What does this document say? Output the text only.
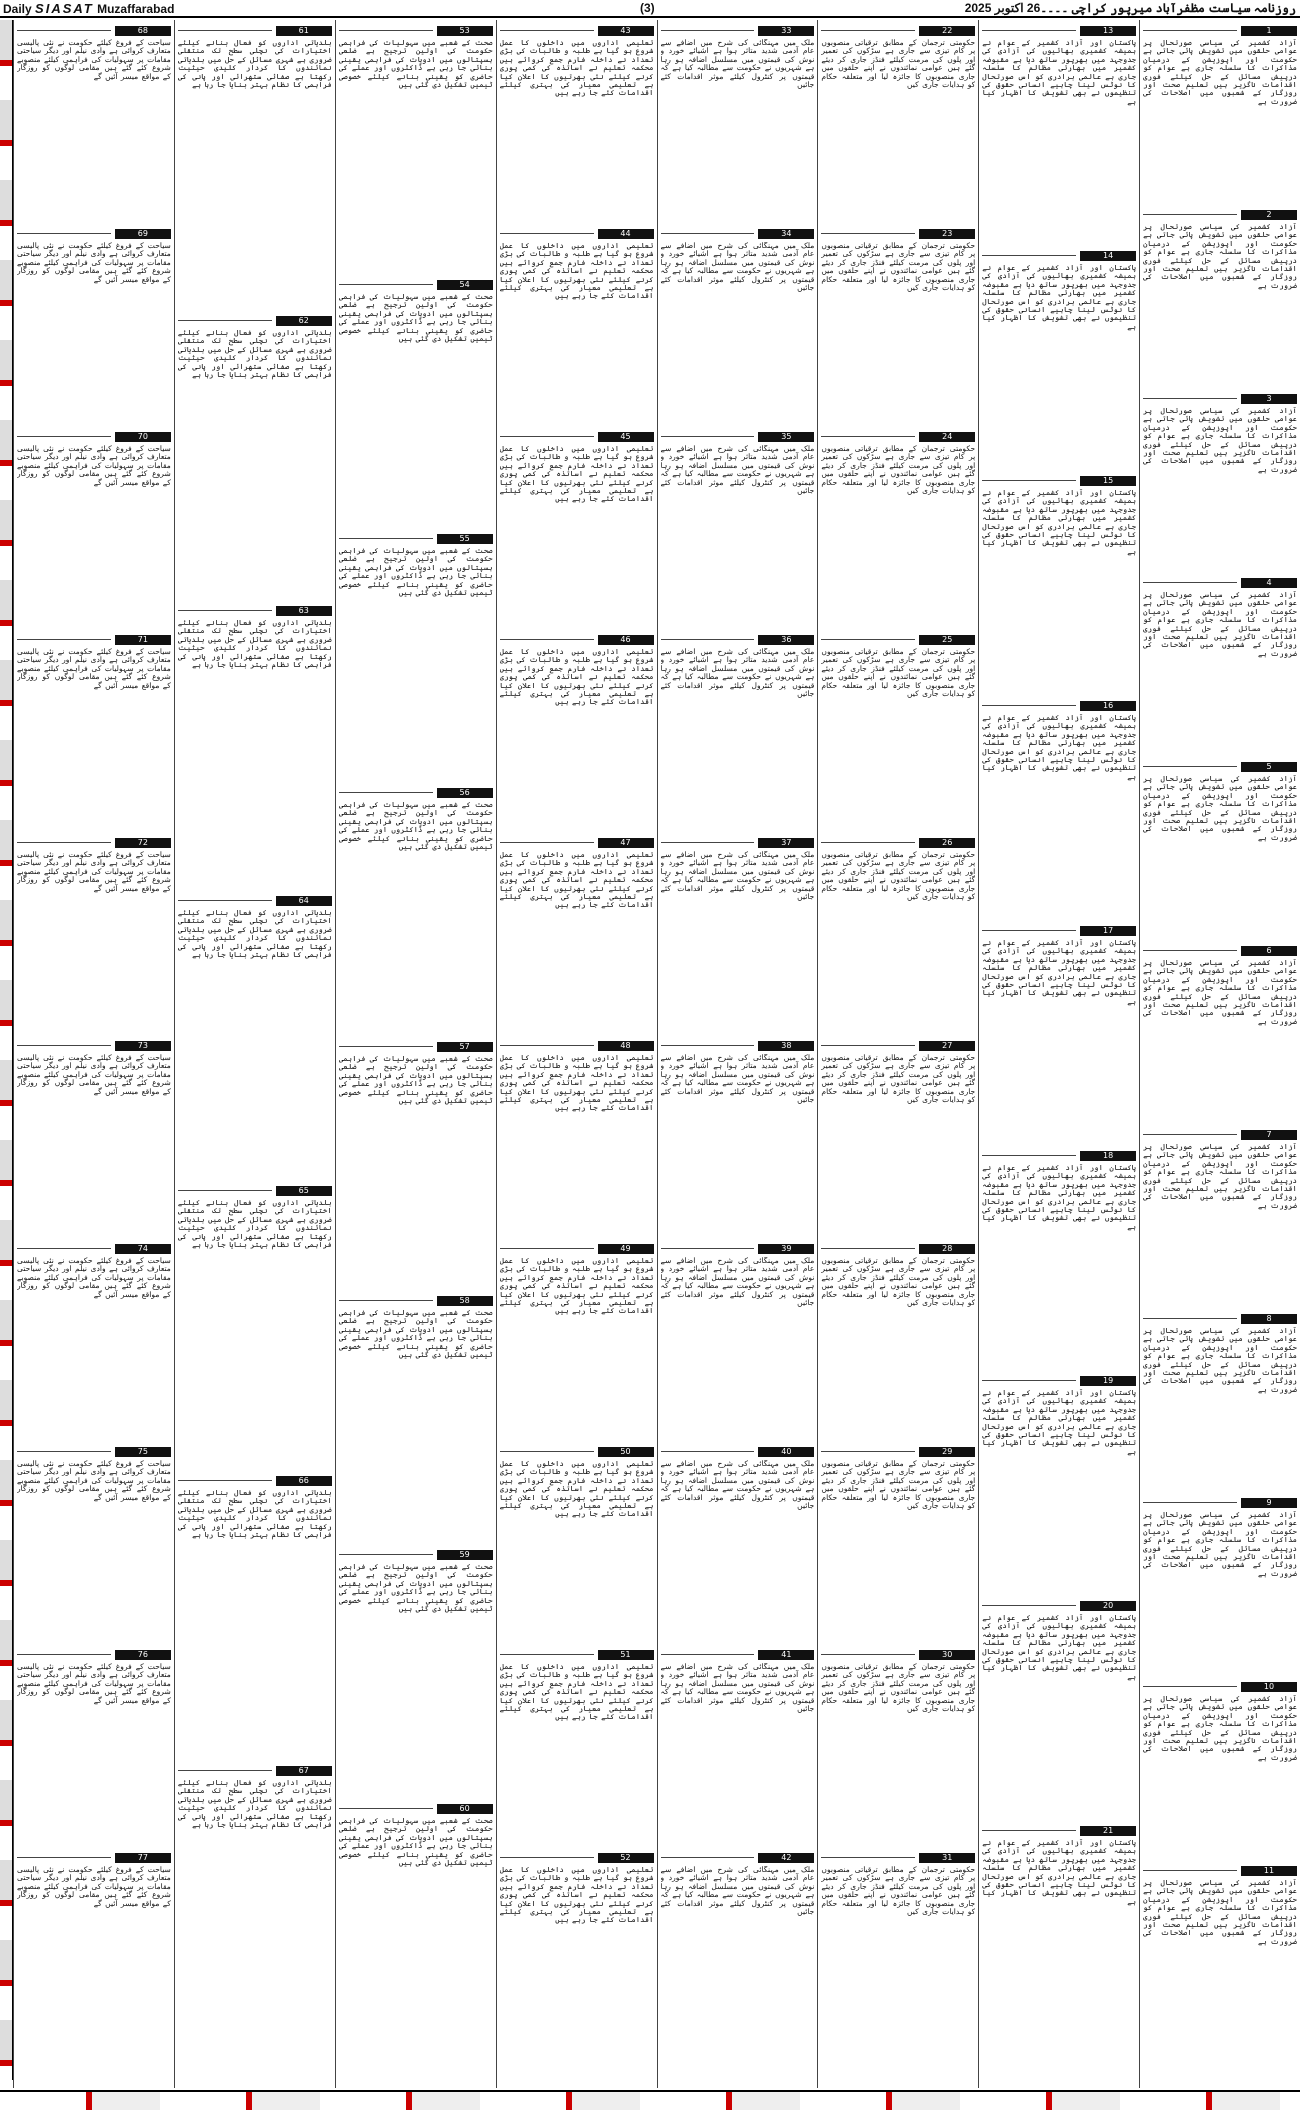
Daily SIASAT Muzaffarabad	(3)	روزنامہ سیاست مظفرآباد میرپور کراچی ۔۔۔۔26 اکتوبر 2025
1
آزاد کشمیر کی سیاسی صورتحال پر عوامی حلقوں میں تشویش پائی جاتی ہے حکومت اور اپوزیشن کے درمیان مذاکرات کا سلسلہ جاری ہے عوام کو درپیش مسائل کے حل کیلئے فوری اقدامات ناگزیر ہیں تعلیم صحت اور روزگار کے شعبوں میں اصلاحات کی ضرورت ہے
2
آزاد کشمیر کی سیاسی صورتحال پر عوامی حلقوں میں تشویش پائی جاتی ہے حکومت اور اپوزیشن کے درمیان مذاکرات کا سلسلہ جاری ہے عوام کو درپیش مسائل کے حل کیلئے فوری اقدامات ناگزیر ہیں تعلیم صحت اور روزگار کے شعبوں میں اصلاحات کی ضرورت ہے
3
آزاد کشمیر کی سیاسی صورتحال پر عوامی حلقوں میں تشویش پائی جاتی ہے حکومت اور اپوزیشن کے درمیان مذاکرات کا سلسلہ جاری ہے عوام کو درپیش مسائل کے حل کیلئے فوری اقدامات ناگزیر ہیں تعلیم صحت اور روزگار کے شعبوں میں اصلاحات کی ضرورت ہے
4
آزاد کشمیر کی سیاسی صورتحال پر عوامی حلقوں میں تشویش پائی جاتی ہے حکومت اور اپوزیشن کے درمیان مذاکرات کا سلسلہ جاری ہے عوام کو درپیش مسائل کے حل کیلئے فوری اقدامات ناگزیر ہیں تعلیم صحت اور روزگار کے شعبوں میں اصلاحات کی ضرورت ہے
5
آزاد کشمیر کی سیاسی صورتحال پر عوامی حلقوں میں تشویش پائی جاتی ہے حکومت اور اپوزیشن کے درمیان مذاکرات کا سلسلہ جاری ہے عوام کو درپیش مسائل کے حل کیلئے فوری اقدامات ناگزیر ہیں تعلیم صحت اور روزگار کے شعبوں میں اصلاحات کی ضرورت ہے
6
آزاد کشمیر کی سیاسی صورتحال پر عوامی حلقوں میں تشویش پائی جاتی ہے حکومت اور اپوزیشن کے درمیان مذاکرات کا سلسلہ جاری ہے عوام کو درپیش مسائل کے حل کیلئے فوری اقدامات ناگزیر ہیں تعلیم صحت اور روزگار کے شعبوں میں اصلاحات کی ضرورت ہے
7
آزاد کشمیر کی سیاسی صورتحال پر عوامی حلقوں میں تشویش پائی جاتی ہے حکومت اور اپوزیشن کے درمیان مذاکرات کا سلسلہ جاری ہے عوام کو درپیش مسائل کے حل کیلئے فوری اقدامات ناگزیر ہیں تعلیم صحت اور روزگار کے شعبوں میں اصلاحات کی ضرورت ہے
8
آزاد کشمیر کی سیاسی صورتحال پر عوامی حلقوں میں تشویش پائی جاتی ہے حکومت اور اپوزیشن کے درمیان مذاکرات کا سلسلہ جاری ہے عوام کو درپیش مسائل کے حل کیلئے فوری اقدامات ناگزیر ہیں تعلیم صحت اور روزگار کے شعبوں میں اصلاحات کی ضرورت ہے
9
آزاد کشمیر کی سیاسی صورتحال پر عوامی حلقوں میں تشویش پائی جاتی ہے حکومت اور اپوزیشن کے درمیان مذاکرات کا سلسلہ جاری ہے عوام کو درپیش مسائل کے حل کیلئے فوری اقدامات ناگزیر ہیں تعلیم صحت اور روزگار کے شعبوں میں اصلاحات کی ضرورت ہے
10
آزاد کشمیر کی سیاسی صورتحال پر عوامی حلقوں میں تشویش پائی جاتی ہے حکومت اور اپوزیشن کے درمیان مذاکرات کا سلسلہ جاری ہے عوام کو درپیش مسائل کے حل کیلئے فوری اقدامات ناگزیر ہیں تعلیم صحت اور روزگار کے شعبوں میں اصلاحات کی ضرورت ہے
11
آزاد کشمیر کی سیاسی صورتحال پر عوامی حلقوں میں تشویش پائی جاتی ہے حکومت اور اپوزیشن کے درمیان مذاکرات کا سلسلہ جاری ہے عوام کو درپیش مسائل کے حل کیلئے فوری اقدامات ناگزیر ہیں تعلیم صحت اور روزگار کے شعبوں میں اصلاحات کی ضرورت ہے
13
پاکستان اور آزاد کشمیر کے عوام نے ہمیشہ کشمیری بھائیوں کی آزادی کی جدوجہد میں بھرپور ساتھ دیا ہے مقبوضہ کشمیر میں بھارتی مظالم کا سلسلہ جاری ہے عالمی برادری کو اس صورتحال کا نوٹس لینا چاہیے انسانی حقوق کی تنظیموں نے بھی تشویش کا اظہار کیا ہے
14
پاکستان اور آزاد کشمیر کے عوام نے ہمیشہ کشمیری بھائیوں کی آزادی کی جدوجہد میں بھرپور ساتھ دیا ہے مقبوضہ کشمیر میں بھارتی مظالم کا سلسلہ جاری ہے عالمی برادری کو اس صورتحال کا نوٹس لینا چاہیے انسانی حقوق کی تنظیموں نے بھی تشویش کا اظہار کیا ہے
15
پاکستان اور آزاد کشمیر کے عوام نے ہمیشہ کشمیری بھائیوں کی آزادی کی جدوجہد میں بھرپور ساتھ دیا ہے مقبوضہ کشمیر میں بھارتی مظالم کا سلسلہ جاری ہے عالمی برادری کو اس صورتحال کا نوٹس لینا چاہیے انسانی حقوق کی تنظیموں نے بھی تشویش کا اظہار کیا ہے
16
پاکستان اور آزاد کشمیر کے عوام نے ہمیشہ کشمیری بھائیوں کی آزادی کی جدوجہد میں بھرپور ساتھ دیا ہے مقبوضہ کشمیر میں بھارتی مظالم کا سلسلہ جاری ہے عالمی برادری کو اس صورتحال کا نوٹس لینا چاہیے انسانی حقوق کی تنظیموں نے بھی تشویش کا اظہار کیا ہے
17
پاکستان اور آزاد کشمیر کے عوام نے ہمیشہ کشمیری بھائیوں کی آزادی کی جدوجہد میں بھرپور ساتھ دیا ہے مقبوضہ کشمیر میں بھارتی مظالم کا سلسلہ جاری ہے عالمی برادری کو اس صورتحال کا نوٹس لینا چاہیے انسانی حقوق کی تنظیموں نے بھی تشویش کا اظہار کیا ہے
18
پاکستان اور آزاد کشمیر کے عوام نے ہمیشہ کشمیری بھائیوں کی آزادی کی جدوجہد میں بھرپور ساتھ دیا ہے مقبوضہ کشمیر میں بھارتی مظالم کا سلسلہ جاری ہے عالمی برادری کو اس صورتحال کا نوٹس لینا چاہیے انسانی حقوق کی تنظیموں نے بھی تشویش کا اظہار کیا ہے
19
پاکستان اور آزاد کشمیر کے عوام نے ہمیشہ کشمیری بھائیوں کی آزادی کی جدوجہد میں بھرپور ساتھ دیا ہے مقبوضہ کشمیر میں بھارتی مظالم کا سلسلہ جاری ہے عالمی برادری کو اس صورتحال کا نوٹس لینا چاہیے انسانی حقوق کی تنظیموں نے بھی تشویش کا اظہار کیا ہے
20
پاکستان اور آزاد کشمیر کے عوام نے ہمیشہ کشمیری بھائیوں کی آزادی کی جدوجہد میں بھرپور ساتھ دیا ہے مقبوضہ کشمیر میں بھارتی مظالم کا سلسلہ جاری ہے عالمی برادری کو اس صورتحال کا نوٹس لینا چاہیے انسانی حقوق کی تنظیموں نے بھی تشویش کا اظہار کیا ہے
21
پاکستان اور آزاد کشمیر کے عوام نے ہمیشہ کشمیری بھائیوں کی آزادی کی جدوجہد میں بھرپور ساتھ دیا ہے مقبوضہ کشمیر میں بھارتی مظالم کا سلسلہ جاری ہے عالمی برادری کو اس صورتحال کا نوٹس لینا چاہیے انسانی حقوق کی تنظیموں نے بھی تشویش کا اظہار کیا ہے
22
حکومتی ترجمان کے مطابق ترقیاتی منصوبوں پر کام تیزی سے جاری ہے سڑکوں کی تعمیر اور پلوں کی مرمت کیلئے فنڈز جاری کر دیئے گئے ہیں عوامی نمائندوں نے اپنے حلقوں میں جاری منصوبوں کا جائزہ لیا اور متعلقہ حکام کو ہدایات جاری کیں
23
حکومتی ترجمان کے مطابق ترقیاتی منصوبوں پر کام تیزی سے جاری ہے سڑکوں کی تعمیر اور پلوں کی مرمت کیلئے فنڈز جاری کر دیئے گئے ہیں عوامی نمائندوں نے اپنے حلقوں میں جاری منصوبوں کا جائزہ لیا اور متعلقہ حکام کو ہدایات جاری کیں
24
حکومتی ترجمان کے مطابق ترقیاتی منصوبوں پر کام تیزی سے جاری ہے سڑکوں کی تعمیر اور پلوں کی مرمت کیلئے فنڈز جاری کر دیئے گئے ہیں عوامی نمائندوں نے اپنے حلقوں میں جاری منصوبوں کا جائزہ لیا اور متعلقہ حکام کو ہدایات جاری کیں
25
حکومتی ترجمان کے مطابق ترقیاتی منصوبوں پر کام تیزی سے جاری ہے سڑکوں کی تعمیر اور پلوں کی مرمت کیلئے فنڈز جاری کر دیئے گئے ہیں عوامی نمائندوں نے اپنے حلقوں میں جاری منصوبوں کا جائزہ لیا اور متعلقہ حکام کو ہدایات جاری کیں
26
حکومتی ترجمان کے مطابق ترقیاتی منصوبوں پر کام تیزی سے جاری ہے سڑکوں کی تعمیر اور پلوں کی مرمت کیلئے فنڈز جاری کر دیئے گئے ہیں عوامی نمائندوں نے اپنے حلقوں میں جاری منصوبوں کا جائزہ لیا اور متعلقہ حکام کو ہدایات جاری کیں
27
حکومتی ترجمان کے مطابق ترقیاتی منصوبوں پر کام تیزی سے جاری ہے سڑکوں کی تعمیر اور پلوں کی مرمت کیلئے فنڈز جاری کر دیئے گئے ہیں عوامی نمائندوں نے اپنے حلقوں میں جاری منصوبوں کا جائزہ لیا اور متعلقہ حکام کو ہدایات جاری کیں
28
حکومتی ترجمان کے مطابق ترقیاتی منصوبوں پر کام تیزی سے جاری ہے سڑکوں کی تعمیر اور پلوں کی مرمت کیلئے فنڈز جاری کر دیئے گئے ہیں عوامی نمائندوں نے اپنے حلقوں میں جاری منصوبوں کا جائزہ لیا اور متعلقہ حکام کو ہدایات جاری کیں
29
حکومتی ترجمان کے مطابق ترقیاتی منصوبوں پر کام تیزی سے جاری ہے سڑکوں کی تعمیر اور پلوں کی مرمت کیلئے فنڈز جاری کر دیئے گئے ہیں عوامی نمائندوں نے اپنے حلقوں میں جاری منصوبوں کا جائزہ لیا اور متعلقہ حکام کو ہدایات جاری کیں
30
حکومتی ترجمان کے مطابق ترقیاتی منصوبوں پر کام تیزی سے جاری ہے سڑکوں کی تعمیر اور پلوں کی مرمت کیلئے فنڈز جاری کر دیئے گئے ہیں عوامی نمائندوں نے اپنے حلقوں میں جاری منصوبوں کا جائزہ لیا اور متعلقہ حکام کو ہدایات جاری کیں
31
حکومتی ترجمان کے مطابق ترقیاتی منصوبوں پر کام تیزی سے جاری ہے سڑکوں کی تعمیر اور پلوں کی مرمت کیلئے فنڈز جاری کر دیئے گئے ہیں عوامی نمائندوں نے اپنے حلقوں میں جاری منصوبوں کا جائزہ لیا اور متعلقہ حکام کو ہدایات جاری کیں
33
ملک میں مہنگائی کی شرح میں اضافے سے عام آدمی شدید متاثر ہوا ہے اشیائے خورد و نوش کی قیمتوں میں مسلسل اضافہ ہو رہا ہے شہریوں نے حکومت سے مطالبہ کیا ہے کہ قیمتوں پر کنٹرول کیلئے موثر اقدامات کئے جائیں
34
ملک میں مہنگائی کی شرح میں اضافے سے عام آدمی شدید متاثر ہوا ہے اشیائے خورد و نوش کی قیمتوں میں مسلسل اضافہ ہو رہا ہے شہریوں نے حکومت سے مطالبہ کیا ہے کہ قیمتوں پر کنٹرول کیلئے موثر اقدامات کئے جائیں
35
ملک میں مہنگائی کی شرح میں اضافے سے عام آدمی شدید متاثر ہوا ہے اشیائے خورد و نوش کی قیمتوں میں مسلسل اضافہ ہو رہا ہے شہریوں نے حکومت سے مطالبہ کیا ہے کہ قیمتوں پر کنٹرول کیلئے موثر اقدامات کئے جائیں
36
ملک میں مہنگائی کی شرح میں اضافے سے عام آدمی شدید متاثر ہوا ہے اشیائے خورد و نوش کی قیمتوں میں مسلسل اضافہ ہو رہا ہے شہریوں نے حکومت سے مطالبہ کیا ہے کہ قیمتوں پر کنٹرول کیلئے موثر اقدامات کئے جائیں
37
ملک میں مہنگائی کی شرح میں اضافے سے عام آدمی شدید متاثر ہوا ہے اشیائے خورد و نوش کی قیمتوں میں مسلسل اضافہ ہو رہا ہے شہریوں نے حکومت سے مطالبہ کیا ہے کہ قیمتوں پر کنٹرول کیلئے موثر اقدامات کئے جائیں
38
ملک میں مہنگائی کی شرح میں اضافے سے عام آدمی شدید متاثر ہوا ہے اشیائے خورد و نوش کی قیمتوں میں مسلسل اضافہ ہو رہا ہے شہریوں نے حکومت سے مطالبہ کیا ہے کہ قیمتوں پر کنٹرول کیلئے موثر اقدامات کئے جائیں
39
ملک میں مہنگائی کی شرح میں اضافے سے عام آدمی شدید متاثر ہوا ہے اشیائے خورد و نوش کی قیمتوں میں مسلسل اضافہ ہو رہا ہے شہریوں نے حکومت سے مطالبہ کیا ہے کہ قیمتوں پر کنٹرول کیلئے موثر اقدامات کئے جائیں
40
ملک میں مہنگائی کی شرح میں اضافے سے عام آدمی شدید متاثر ہوا ہے اشیائے خورد و نوش کی قیمتوں میں مسلسل اضافہ ہو رہا ہے شہریوں نے حکومت سے مطالبہ کیا ہے کہ قیمتوں پر کنٹرول کیلئے موثر اقدامات کئے جائیں
41
ملک میں مہنگائی کی شرح میں اضافے سے عام آدمی شدید متاثر ہوا ہے اشیائے خورد و نوش کی قیمتوں میں مسلسل اضافہ ہو رہا ہے شہریوں نے حکومت سے مطالبہ کیا ہے کہ قیمتوں پر کنٹرول کیلئے موثر اقدامات کئے جائیں
42
ملک میں مہنگائی کی شرح میں اضافے سے عام آدمی شدید متاثر ہوا ہے اشیائے خورد و نوش کی قیمتوں میں مسلسل اضافہ ہو رہا ہے شہریوں نے حکومت سے مطالبہ کیا ہے کہ قیمتوں پر کنٹرول کیلئے موثر اقدامات کئے جائیں
43
تعلیمی اداروں میں داخلوں کا عمل شروع ہو گیا ہے طلبہ و طالبات کی بڑی تعداد نے داخلہ فارم جمع کروائے ہیں محکمہ تعلیم نے اساتذہ کی کمی پوری کرنے کیلئے نئی بھرتیوں کا اعلان کیا ہے تعلیمی معیار کی بہتری کیلئے اقدامات کئے جا رہے ہیں
44
تعلیمی اداروں میں داخلوں کا عمل شروع ہو گیا ہے طلبہ و طالبات کی بڑی تعداد نے داخلہ فارم جمع کروائے ہیں محکمہ تعلیم نے اساتذہ کی کمی پوری کرنے کیلئے نئی بھرتیوں کا اعلان کیا ہے تعلیمی معیار کی بہتری کیلئے اقدامات کئے جا رہے ہیں
45
تعلیمی اداروں میں داخلوں کا عمل شروع ہو گیا ہے طلبہ و طالبات کی بڑی تعداد نے داخلہ فارم جمع کروائے ہیں محکمہ تعلیم نے اساتذہ کی کمی پوری کرنے کیلئے نئی بھرتیوں کا اعلان کیا ہے تعلیمی معیار کی بہتری کیلئے اقدامات کئے جا رہے ہیں
46
تعلیمی اداروں میں داخلوں کا عمل شروع ہو گیا ہے طلبہ و طالبات کی بڑی تعداد نے داخلہ فارم جمع کروائے ہیں محکمہ تعلیم نے اساتذہ کی کمی پوری کرنے کیلئے نئی بھرتیوں کا اعلان کیا ہے تعلیمی معیار کی بہتری کیلئے اقدامات کئے جا رہے ہیں
47
تعلیمی اداروں میں داخلوں کا عمل شروع ہو گیا ہے طلبہ و طالبات کی بڑی تعداد نے داخلہ فارم جمع کروائے ہیں محکمہ تعلیم نے اساتذہ کی کمی پوری کرنے کیلئے نئی بھرتیوں کا اعلان کیا ہے تعلیمی معیار کی بہتری کیلئے اقدامات کئے جا رہے ہیں
48
تعلیمی اداروں میں داخلوں کا عمل شروع ہو گیا ہے طلبہ و طالبات کی بڑی تعداد نے داخلہ فارم جمع کروائے ہیں محکمہ تعلیم نے اساتذہ کی کمی پوری کرنے کیلئے نئی بھرتیوں کا اعلان کیا ہے تعلیمی معیار کی بہتری کیلئے اقدامات کئے جا رہے ہیں
49
تعلیمی اداروں میں داخلوں کا عمل شروع ہو گیا ہے طلبہ و طالبات کی بڑی تعداد نے داخلہ فارم جمع کروائے ہیں محکمہ تعلیم نے اساتذہ کی کمی پوری کرنے کیلئے نئی بھرتیوں کا اعلان کیا ہے تعلیمی معیار کی بہتری کیلئے اقدامات کئے جا رہے ہیں
50
تعلیمی اداروں میں داخلوں کا عمل شروع ہو گیا ہے طلبہ و طالبات کی بڑی تعداد نے داخلہ فارم جمع کروائے ہیں محکمہ تعلیم نے اساتذہ کی کمی پوری کرنے کیلئے نئی بھرتیوں کا اعلان کیا ہے تعلیمی معیار کی بہتری کیلئے اقدامات کئے جا رہے ہیں
51
تعلیمی اداروں میں داخلوں کا عمل شروع ہو گیا ہے طلبہ و طالبات کی بڑی تعداد نے داخلہ فارم جمع کروائے ہیں محکمہ تعلیم نے اساتذہ کی کمی پوری کرنے کیلئے نئی بھرتیوں کا اعلان کیا ہے تعلیمی معیار کی بہتری کیلئے اقدامات کئے جا رہے ہیں
52
تعلیمی اداروں میں داخلوں کا عمل شروع ہو گیا ہے طلبہ و طالبات کی بڑی تعداد نے داخلہ فارم جمع کروائے ہیں محکمہ تعلیم نے اساتذہ کی کمی پوری کرنے کیلئے نئی بھرتیوں کا اعلان کیا ہے تعلیمی معیار کی بہتری کیلئے اقدامات کئے جا رہے ہیں
53
صحت کے شعبے میں سہولیات کی فراہمی حکومت کی اولین ترجیح ہے ضلعی ہسپتالوں میں ادویات کی فراہمی یقینی بنائی جا رہی ہے ڈاکٹروں اور عملے کی حاضری کو یقینی بنانے کیلئے خصوصی ٹیمیں تشکیل دی گئی ہیں
54
صحت کے شعبے میں سہولیات کی فراہمی حکومت کی اولین ترجیح ہے ضلعی ہسپتالوں میں ادویات کی فراہمی یقینی بنائی جا رہی ہے ڈاکٹروں اور عملے کی حاضری کو یقینی بنانے کیلئے خصوصی ٹیمیں تشکیل دی گئی ہیں
55
صحت کے شعبے میں سہولیات کی فراہمی حکومت کی اولین ترجیح ہے ضلعی ہسپتالوں میں ادویات کی فراہمی یقینی بنائی جا رہی ہے ڈاکٹروں اور عملے کی حاضری کو یقینی بنانے کیلئے خصوصی ٹیمیں تشکیل دی گئی ہیں
56
صحت کے شعبے میں سہولیات کی فراہمی حکومت کی اولین ترجیح ہے ضلعی ہسپتالوں میں ادویات کی فراہمی یقینی بنائی جا رہی ہے ڈاکٹروں اور عملے کی حاضری کو یقینی بنانے کیلئے خصوصی ٹیمیں تشکیل دی گئی ہیں
57
صحت کے شعبے میں سہولیات کی فراہمی حکومت کی اولین ترجیح ہے ضلعی ہسپتالوں میں ادویات کی فراہمی یقینی بنائی جا رہی ہے ڈاکٹروں اور عملے کی حاضری کو یقینی بنانے کیلئے خصوصی ٹیمیں تشکیل دی گئی ہیں
58
صحت کے شعبے میں سہولیات کی فراہمی حکومت کی اولین ترجیح ہے ضلعی ہسپتالوں میں ادویات کی فراہمی یقینی بنائی جا رہی ہے ڈاکٹروں اور عملے کی حاضری کو یقینی بنانے کیلئے خصوصی ٹیمیں تشکیل دی گئی ہیں
59
صحت کے شعبے میں سہولیات کی فراہمی حکومت کی اولین ترجیح ہے ضلعی ہسپتالوں میں ادویات کی فراہمی یقینی بنائی جا رہی ہے ڈاکٹروں اور عملے کی حاضری کو یقینی بنانے کیلئے خصوصی ٹیمیں تشکیل دی گئی ہیں
60
صحت کے شعبے میں سہولیات کی فراہمی حکومت کی اولین ترجیح ہے ضلعی ہسپتالوں میں ادویات کی فراہمی یقینی بنائی جا رہی ہے ڈاکٹروں اور عملے کی حاضری کو یقینی بنانے کیلئے خصوصی ٹیمیں تشکیل دی گئی ہیں
61
بلدیاتی اداروں کو فعال بنانے کیلئے اختیارات کی نچلی سطح تک منتقلی ضروری ہے شہری مسائل کے حل میں بلدیاتی نمائندوں کا کردار کلیدی حیثیت رکھتا ہے صفائی ستھرائی اور پانی کی فراہمی کا نظام بہتر بنایا جا رہا ہے
62
بلدیاتی اداروں کو فعال بنانے کیلئے اختیارات کی نچلی سطح تک منتقلی ضروری ہے شہری مسائل کے حل میں بلدیاتی نمائندوں کا کردار کلیدی حیثیت رکھتا ہے صفائی ستھرائی اور پانی کی فراہمی کا نظام بہتر بنایا جا رہا ہے
63
بلدیاتی اداروں کو فعال بنانے کیلئے اختیارات کی نچلی سطح تک منتقلی ضروری ہے شہری مسائل کے حل میں بلدیاتی نمائندوں کا کردار کلیدی حیثیت رکھتا ہے صفائی ستھرائی اور پانی کی فراہمی کا نظام بہتر بنایا جا رہا ہے
64
بلدیاتی اداروں کو فعال بنانے کیلئے اختیارات کی نچلی سطح تک منتقلی ضروری ہے شہری مسائل کے حل میں بلدیاتی نمائندوں کا کردار کلیدی حیثیت رکھتا ہے صفائی ستھرائی اور پانی کی فراہمی کا نظام بہتر بنایا جا رہا ہے
65
بلدیاتی اداروں کو فعال بنانے کیلئے اختیارات کی نچلی سطح تک منتقلی ضروری ہے شہری مسائل کے حل میں بلدیاتی نمائندوں کا کردار کلیدی حیثیت رکھتا ہے صفائی ستھرائی اور پانی کی فراہمی کا نظام بہتر بنایا جا رہا ہے
66
بلدیاتی اداروں کو فعال بنانے کیلئے اختیارات کی نچلی سطح تک منتقلی ضروری ہے شہری مسائل کے حل میں بلدیاتی نمائندوں کا کردار کلیدی حیثیت رکھتا ہے صفائی ستھرائی اور پانی کی فراہمی کا نظام بہتر بنایا جا رہا ہے
67
بلدیاتی اداروں کو فعال بنانے کیلئے اختیارات کی نچلی سطح تک منتقلی ضروری ہے شہری مسائل کے حل میں بلدیاتی نمائندوں کا کردار کلیدی حیثیت رکھتا ہے صفائی ستھرائی اور پانی کی فراہمی کا نظام بہتر بنایا جا رہا ہے
68
سیاحت کے فروغ کیلئے حکومت نے نئی پالیسی متعارف کروائی ہے وادی نیلم اور دیگر سیاحتی مقامات پر سہولیات کی فراہمی کیلئے منصوبے شروع کئے گئے ہیں مقامی لوگوں کو روزگار کے مواقع میسر آئیں گے
69
سیاحت کے فروغ کیلئے حکومت نے نئی پالیسی متعارف کروائی ہے وادی نیلم اور دیگر سیاحتی مقامات پر سہولیات کی فراہمی کیلئے منصوبے شروع کئے گئے ہیں مقامی لوگوں کو روزگار کے مواقع میسر آئیں گے
70
سیاحت کے فروغ کیلئے حکومت نے نئی پالیسی متعارف کروائی ہے وادی نیلم اور دیگر سیاحتی مقامات پر سہولیات کی فراہمی کیلئے منصوبے شروع کئے گئے ہیں مقامی لوگوں کو روزگار کے مواقع میسر آئیں گے
71
سیاحت کے فروغ کیلئے حکومت نے نئی پالیسی متعارف کروائی ہے وادی نیلم اور دیگر سیاحتی مقامات پر سہولیات کی فراہمی کیلئے منصوبے شروع کئے گئے ہیں مقامی لوگوں کو روزگار کے مواقع میسر آئیں گے
72
سیاحت کے فروغ کیلئے حکومت نے نئی پالیسی متعارف کروائی ہے وادی نیلم اور دیگر سیاحتی مقامات پر سہولیات کی فراہمی کیلئے منصوبے شروع کئے گئے ہیں مقامی لوگوں کو روزگار کے مواقع میسر آئیں گے
73
سیاحت کے فروغ کیلئے حکومت نے نئی پالیسی متعارف کروائی ہے وادی نیلم اور دیگر سیاحتی مقامات پر سہولیات کی فراہمی کیلئے منصوبے شروع کئے گئے ہیں مقامی لوگوں کو روزگار کے مواقع میسر آئیں گے
74
سیاحت کے فروغ کیلئے حکومت نے نئی پالیسی متعارف کروائی ہے وادی نیلم اور دیگر سیاحتی مقامات پر سہولیات کی فراہمی کیلئے منصوبے شروع کئے گئے ہیں مقامی لوگوں کو روزگار کے مواقع میسر آئیں گے
75
سیاحت کے فروغ کیلئے حکومت نے نئی پالیسی متعارف کروائی ہے وادی نیلم اور دیگر سیاحتی مقامات پر سہولیات کی فراہمی کیلئے منصوبے شروع کئے گئے ہیں مقامی لوگوں کو روزگار کے مواقع میسر آئیں گے
76
سیاحت کے فروغ کیلئے حکومت نے نئی پالیسی متعارف کروائی ہے وادی نیلم اور دیگر سیاحتی مقامات پر سہولیات کی فراہمی کیلئے منصوبے شروع کئے گئے ہیں مقامی لوگوں کو روزگار کے مواقع میسر آئیں گے
77
سیاحت کے فروغ کیلئے حکومت نے نئی پالیسی متعارف کروائی ہے وادی نیلم اور دیگر سیاحتی مقامات پر سہولیات کی فراہمی کیلئے منصوبے شروع کئے گئے ہیں مقامی لوگوں کو روزگار کے مواقع میسر آئیں گے
